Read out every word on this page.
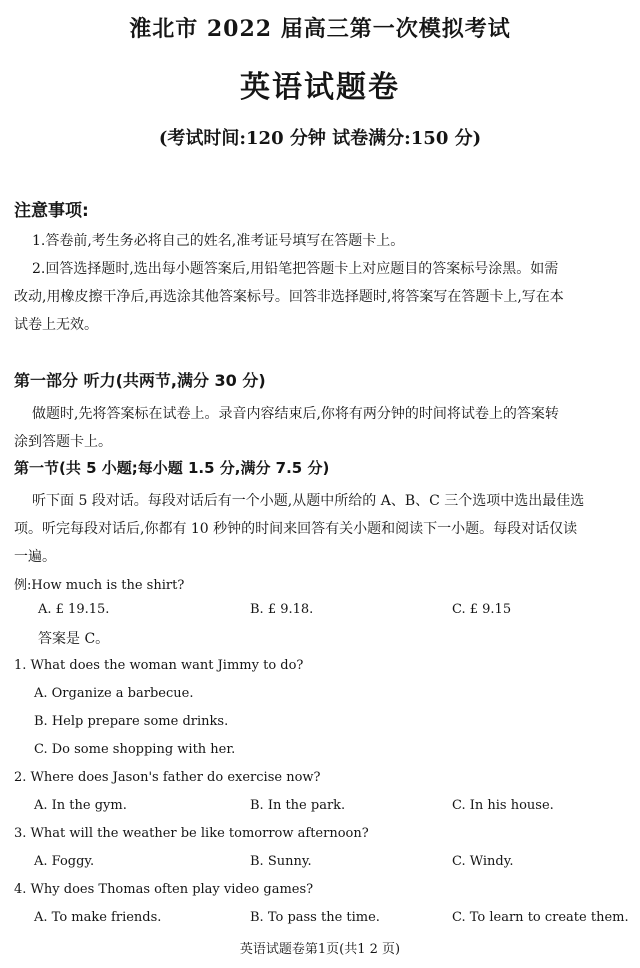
淮北市 2022 届高三第一次模拟考试
英语试题卷
(考试时间:120 分钟 试卷满分:150 分)
注意事项:
1.答卷前,考生务必将自己的姓名,准考证号填写在答题卡上。
2.回答选择题时,选出每小题答案后,用铅笔把答题卡上对应题目的答案标号涂黑。如需
改动,用橡皮擦干净后,再选涂其他答案标号。回答非选择题时,将答案写在答题卡上,写在本
试卷上无效。
第一部分 听力(共两节,满分 30 分)
做题时,先将答案标在试卷上。录音内容结束后,你将有两分钟的时间将试卷上的答案转
涂到答题卡上。
第一节(共 5 小题;每小题 1.5 分,满分 7.5 分)
听下面 5 段对话。每段对话后有一个小题,从题中所给的 A、B、C 三个选项中选出最佳选
项。听完每段对话后,你都有 10 秒钟的时间来回答有关小题和阅读下一小题。每段对话仅读
一遍。
例:How much is the shirt?
A. £ 19.15.	B. £ 9.18.	C. £ 9.15
答案是 C。
1. What does the woman want Jimmy to do?
A. Organize a barbecue.
B. Help prepare some drinks.
C. Do some shopping with her.
2. Where does Jason's father do exercise now?
A. In the gym.	B. In the park.	C. In his house.
3. What will the weather be like tomorrow afternoon?
A. Foggy.	B. Sunny.	C. Windy.
4. Why does Thomas often play video games?
A. To make friends.	B. To pass the time.	C. To learn to create them.
英语试题卷第1页(共1 2 页)
